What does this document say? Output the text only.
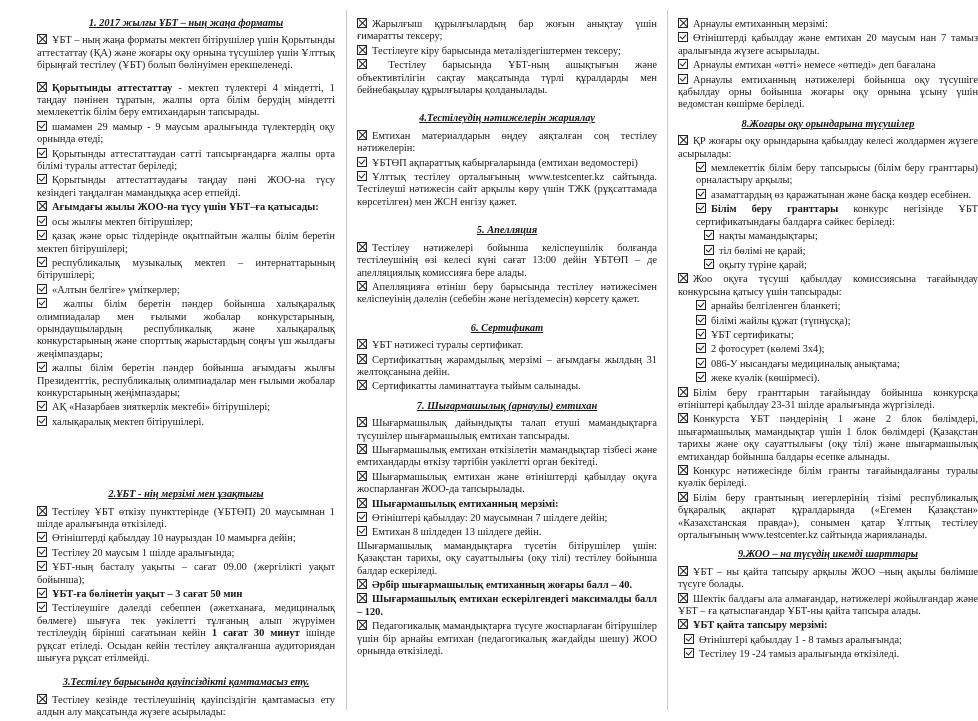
1. 2017 жылғы ҰБТ – ның жаңа форматы
ҰБТ – ның жаңа форматы мектеп бітірушілер үшін Қорытынды аттестаттау (ҚА) және жоғары оқу орнына түсушілер үшін Ұлттық бірыңғай тестілеу (ҰБТ) болып бөлінуімен ерекшеленеді.
Қорытынды аттестаттау - мектеп түлектері 4 міндетті, 1 таңдау пәнінен тұратын, жалпы орта білім берудің міндетті мемлекеттік білім беру емтихандарын тапсырады.
шамамен 29 мамыр - 9 маусым аралығында түлектердің оқу орнында өтеді;
Қорытынды аттестаттаудан сәтті тапсырғандарға жалпы орта білімі туралы аттестат беріледі;
Қорытынды аттестаттаудағы таңдау пәні ЖОО-на түсу кезіндегі таңдалған мамандыққа әсер етпейді.
Ағымдағы жылы ЖОО-на түсу үшін ҰБТ–ға қатысады:
осы жылғы мектеп бітірушілер;
қазақ және орыс тілдерінде оқытпайтын жалпы білім беретін мектеп бітірушілері;
республикалық музыкалық мектеп – интернаттарының бітірушілері;
«Алтын белгіге» үміткерлер;
жалпы білім беретін пәндер бойынша халықаралық олимпиадалар мен ғылыми жобалар конкурстарының, орындаушылардың республикалық және халықаралық конкурстарының және спорттық жарыстардың соңғы үш жылдағы жеңімпаздары;
жалпы білім беретін пәндер бойынша ағымдағы жылғы Президенттік, республикалық олимпиадалар мен ғылыми жобалар конкурстарының жеңімпаздары;
АҚ «Назарбаев зияткерлік мектебі» бітірушілері;
халықаралық мектеп бітірушілері.
2.ҰБТ - нің мерзімі мен ұзақтығы
Тестілеу ҰБТ өткізу пункттерінде (ҰБТӨП) 20 маусымнан 1 шілде аралығында өткізіледі.
Өтініштерді қабылдау 10 наурыздан 10 мамырға дейін;
Тестілеу 20 маусым 1 шілде аралығында;
ҰБТ-ның басталу уақыты – сағат 09.00 (жергілікті уақыт бойынша);
ҰБТ-ға бөлінетін уақыт – 3 сағат 50 мин
Тестілеушіге дәлелді себеппен (әжетханаға, медициналық бөлмеге) шығуға тек уәкілетті тұлғаның алып жүруімен тестілеудің бірінші сағатынан кейін 1 сағат 30 минут ішінде рұқсат етіледі. Осыдан кейін тестілеу аяқталғанша аудиториядан шығуға рұқсат етілмейді.
3.Тестілеу барысында қауіпсіздікті қамтамасыз ету.
Тестілеу кезінде тестілеушінің қауіпсіздігін қамтамасыз ету алдын алу мақсатында жүзеге асырылады:
Жарылғыш құрылғылардың бар жоғын анықтау үшін ғимаратты тексеру;
Тестілеуге кіру барысында металіздегіштермен тексеру;
Тестілеу барысында ҰБТ-ның ашықтығын және объективтілігін сақтау мақсатында түрлі құралдарды мен бейнебақылау құрылғылары қолданылады.
4.Тестілеудің нәтижелерін жариялау
Емтихан материалдарын өңдеу аяқталған соң тестілеу нәтижелерін:
ҰБТӨП ақпараттық кабырғаларында (емтихан ведомостері)
Ұлттық тестілеу орталығының www.testcenter.kz сайтында. Тестілеушi нәтижесiн сайт арқылы көру үшін ТЖК (рұқсаттамада көрсетілген) мен ЖСН енгізу қажет.
5. Апелляция
Тестілеу нәтижелері бойынша келіспеушілік болғанда тестілеушінің өзі келесі күні сағат 13:00 дейін ҰБТӨП – де апелляциялық комиссияға бере алады.
Апелляцияға өтініш беру барысында тестілеу нәтижесімен келіспеуінің дәлелін (себебін және негіздемесін) көрсету қажет.
6. Сертификат
ҰБТ нәтижесі туралы сертификат.
Сертификаттың жарамдылық мерзімі – ағымдағы жылдың 31 желтоқсанына дейін.
Сертификатты ламинаттауға тыйым салынады.
7. Шығармашылық (арнаулы) емтихан
Шығармашылық дайындықты талап етуші мамандықтарға түсушілер шығармашылық емтихан тапсырады.
Шығармашылық емтихан өткізілетін мамандықтар тізбесі және емтихандарды өткізу тәртібін уәкілетті орган бекітеді.
Шығармашылық емтихан және өтініштерді қабылдау оқуға жоспарланған ЖОО-да тапсырылады.
Шығармашылық емтиханның мерзімі:
Өтініштері қабылдау: 20 маусымнан 7 шілдеге дейін;
Емтихан 8 шілдеден 13 шілдеге дейін.
Шығармашылық мамандықтарға түсетін бітірушілер үшін: Қазақстан тарихы, оқу сауаттылығы (оқу тілі) тестілеу бойынша балдар ескеріледі.
Әрбір шығармашылық емтиханның жоғары балл – 40.
Шығармашылық емтихан ескерілгендегі максималды балл – 120.
Педагогикалық мамандықтарға түсуге жоспарлаған бітірушілер үшін бір арнайы емтихан (педагогикалық жағдайды шешу) ЖОО орнында өткізіледі.
Арнаулы емтиханның мерзімі:
Өтініштерді қабылдау және емтихан 20 маусым нан 7 тамыз аралығында жүзеге асырылады.
Арнаулы емтихан «өтті» немесе «өтпеді» деп бағалана
Арнаулы емтиханның нәтижелері бойынша оқу түсушіге қабылдау орны бойынша жоғары оқу орнына ұсыну үшін ведомстан көшірме беріледі.
8.Жоғары оқу орындарына түсушілер
ҚР жоғары оқу орындарына қабылдау келесі жолдармен жүзеге асырылады:
мемлекеттік білім беру тапсырысы (білім беру гранттары) орналастыру арқылы;
азаматтардың өз қаражатынан және басқа көздер есебінен.
Білім беру гранттары конкурс негізінде ҰБТ сертификатындағы балдарға сәйкес беріледі:
нақты мамандықтары;
тіл бөлімі не қарай;
оқыту түріне қарай;
Жоо оқуға түсуші қабылдау комиссиясына тағайындау конкурсына қатысу үшін тапсырады:
арнайы белгіленген бланкеті;
білімі жайлы құжат (түпнұсқа);
ҰБТ сертификаты;
2 фотосурет (көлемі 3х4);
086-У нысандағы медициналық анықтама;
жеке куәлік (көшірмесі).
Білім беру гранттарын тағайындау бойынша конкурсқа өтініштері қабылдау 23-31 шілде аралығында жүргізіледі.
Конкурста ҰБТ пәндерінің 1 және 2 блок бөлімдері, шығармашылық мамандықтар үшін 1 блок бөлімдері (Қазақстан тарихы және оқу сауаттылығы (оқу тілі) және шығармашылық емтихандар бойынша балдары есепке алынады.
Конкурс нәтижесінде білім гранты тағайындалғаны туралы куәлік беріледі.
Білім беру грантының иегерлерінің тізімі республикалық бұқаралық ақпарат құралдарында («Егемен Қазақстан» «Казахстанская правда»), сонымен қатар Ұлттық тестілеу орталығының www.testcenter.kz сайтында жарияланады.
9.ЖОО – на түсудің икемді шарттары
ҰБТ – ны қайта тапсыру арқылы ЖОО –ның ақылы бөлімше түсуге болады.
Шектік балдағы ала алмағандар, нәтижелері жойылғандар және ҰБТ – ға қатыспағандар ҰБТ-ны қайта тапсыра алады.
ҰБТ қайта тапсыру мерзімі:
Өтініштері қабылдау 1 - 8 тамыз аралығында;
Тестілеу 19 -24 тамыз аралығында өткізіледі.
